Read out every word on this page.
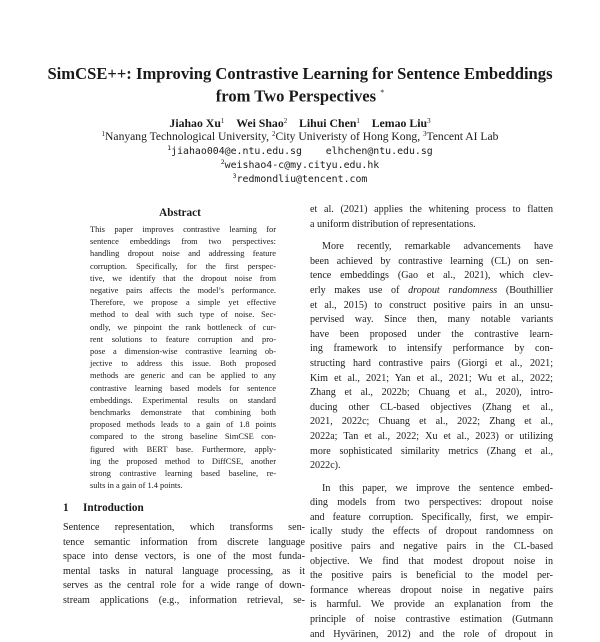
SimCSE++: Improving Contrastive Learning for Sentence Embeddings
from Two Perspectives *
Jiahao Xu$^1$ Wei Shao$^2$ Lihui Chen$^1$ Lemao Liu$^3$
$^1$Nanyang Technological University, $^2$City Univeristy of Hong Kong, $^3$Tencent AI Lab
$^1$jiahao004@e.ntu.edu.sg elhchen@ntu.edu.sg
$^2$weishao4-c@my.cityu.edu.hk
$^3$redmondliu@tencent.com
Abstract
This paper improves contrastive learning for
sentence embeddings from two perspectives:
handling dropout noise and addressing feature
corruption. Specifically, for the first perspec-
tive, we identify that the dropout noise from
negative pairs affects the model’s performance.
Therefore, we propose a simple yet effective
method to deal with such type of noise. Sec-
ondly, we pinpoint the rank bottleneck of cur-
rent solutions to feature corruption and pro-
pose a dimension-wise contrastive learning ob-
jective to address this issue. Both proposed
methods are generic and can be applied to any
contrastive learning based models for sentence
embeddings. Experimental results on standard
benchmarks demonstrate that combining both
proposed methods leads to a gain of 1.8 points
compared to the strong baseline SimCSE con-
figured with BERT base. Furthermore, apply-
ing the proposed method to DiffCSE, another
strong contrastive learning based baseline, re-
sults in a gain of 1.4 points.
1 Introduction
Sentence representation, which transforms sen-
tence semantic information from discrete language
space into dense vectors, is one of the most funda-
mental tasks in natural language processing, as it
serves as the central role for a wide range of down-
stream applications (e.g., information retrieval, se-
et al. (2021) applies the whitening process to flatten
a uniform distribution of representations.
More recently, remarkable advancements have
been achieved by contrastive learning (CL) on sen-
tence embeddings (Gao et al., 2021), which clev-
erly makes use of dropout randomness (Bouthillier
et al., 2015) to construct positive pairs in an unsu-
pervised way. Since then, many notable variants
have been proposed under the contrastive learn-
ing framework to intensify performance by con-
structing hard contrastive pairs (Giorgi et al., 2021;
Kim et al., 2021; Yan et al., 2021; Wu et al., 2022;
Zhang et al., 2022b; Chuang et al., 2020), intro-
ducing other CL-based objectives (Zhang et al.,
2021, 2022c; Chuang et al., 2022; Zhang et al.,
2022a; Tan et al., 2022; Xu et al., 2023) or utilizing
more sophisticated similarity metrics (Zhang et al.,
2022c).
In this paper, we improve the sentence embed-
ding models from two perspectives: dropout noise
and feature corruption. Specifically, first, we empir-
ically study the effects of dropout randomness on
positive pairs and negative pairs in the CL-based
objective. We find that modest dropout noise in
the positive pairs is beneficial to the model per-
formance whereas dropout noise in negative pairs
is harmful. We provide an explanation from the
principle of noise contrastive estimation (Gutmann
and Hyvärinen, 2012) and the role of dropout in
